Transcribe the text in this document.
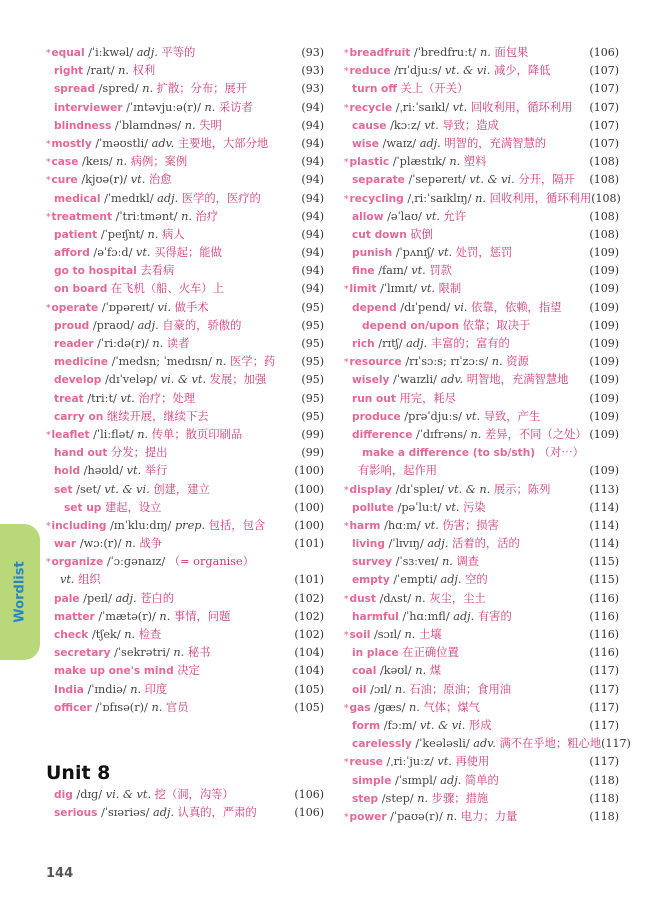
Wordlist
*equal /ˈiːkwəl/ adj. 平等的	(93)
right /raɪt/ n. 权利	(93)
spread /spred/ n. 扩散；分布；展开	(93)
interviewer /ˈɪntəvjuːə(r)/ n. 采访者	(94)
blindness /ˈblaɪndnəs/ n. 失明	(94)
*mostly /ˈməʊstli/ adv. 主要地，大部分地	(94)
*case /keɪs/ n. 病例；案例	(94)
*cure /kjʊə(r)/ vt. 治愈	(94)
medical /ˈmedɪkl/ adj. 医学的，医疗的	(94)
*treatment /ˈtriːtmənt/ n. 治疗	(94)
patient /ˈpeɪʃnt/ n. 病人	(94)
afford /əˈfɔːd/ vt. 买得起；能做	(94)
go to hospital 去看病	(94)
on board 在飞机（船、火车）上	(94)
*operate /ˈɒpəreɪt/ vi. 做手术	(95)
proud /praʊd/ adj. 自豪的，骄傲的	(95)
reader /ˈriːdə(r)/ n. 读者	(95)
medicine /ˈmedsn; ˈmedɪsn/ n. 医学；药 (95)
develop /dɪˈveləp/ vi. & vt. 发展；加强	(95)
treat /triːt/ vt. 治疗；处理	(95)
carry on 继续开展，继续下去	(95)
*leaflet /ˈliːflət/ n. 传单；散页印刷品	(99)
hand out 分发；提出	(99)
hold /həʊld/ vt. 举行	(100)
set /set/ vt. & vi. 创建，建立	(100)
set up 建起，设立	(100)
*including /ɪnˈkluːdɪŋ/ prep. 包括，包含	(100)
war /wɔː(r)/ n. 战争	(101)
*organize /ˈɔːɡənaɪz/ （= organise）
vt. 组织	(101)
pale /peɪl/ adj. 苍白的	(102)
matter /ˈmætə(r)/ n. 事情，问题	(102)
check /tʃek/ n. 检查	(102)
secretary /ˈsekrətri/ n. 秘书	(104)
make up one's mind 决定	(104)
India /ˈɪndiə/ n. 印度	(105)
officer /ˈɒfɪsə(r)/ n. 官员	(105)
Unit 8
dig /dɪɡ/ vi. & vt. 挖（洞，沟等）	(106)
serious /ˈsɪəriəs/ adj. 认真的，严肃的	(106)
*breadfruit /ˈbredfruːt/ n. 面包果	(106)
*reduce /rɪˈdjuːs/ vt. & vi. 减少，降低	(107)
turn off 关上（开关）	(107)
*recycle /ˌriːˈsaɪkl/ vt. 回收利用，循环利用 (107)
cause /kɔːz/ vt. 导致；造成	(107)
wise /waɪz/ adj. 明智的，充满智慧的	(107)
*plastic /ˈplæstɪk/ n. 塑料	(108)
separate /ˈsepəreɪt/ vt. & vi. 分开，隔开 (108)
*recycling /ˌriːˈsaɪklɪŋ/ n. 回收利用，循环利用 (108)
allow /əˈlaʊ/ vt. 允许	(108)
cut down 砍倒	(108)
punish /ˈpʌnɪʃ/ vt. 处罚，惩罚	(109)
fine /faɪn/ vt. 罚款	(109)
*limit /ˈlɪmɪt/ vt. 限制	(109)
depend /dɪˈpend/ vi. 依靠，依赖，指望	(109)
depend on/upon 依靠；取决于	(109)
rich /rɪtʃ/ adj. 丰富的；富有的	(109)
*resource /rɪˈsɔːs; rɪˈzɔːs/ n. 资源	(109)
wisely /ˈwaɪzli/ adv. 明智地，充满智慧地 (109)
run out 用完，耗尽	(109)
produce /prəˈdjuːs/ vt. 导致，产生	(109)
difference /ˈdɪfrəns/ n. 差异，不同（之处） (109)
make a difference (to sb/sth) （对⋯）
有影响，起作用	(109)
*display /dɪˈspleɪ/ vt. & n. 展示；陈列	(113)
pollute /pəˈluːt/ vt. 污染	(114)
*harm /hɑːm/ vt. 伤害；损害	(114)
living /ˈlɪvɪŋ/ adj. 活着的，活的	(114)
survey /ˈsɜːveɪ/ n. 调查	(115)
empty /ˈempti/ adj. 空的	(115)
*dust /dʌst/ n. 灰尘，尘土	(116)
harmful /ˈhɑːmfl/ adj. 有害的	(116)
*soil /sɔɪl/ n. 土壤	(116)
in place 在正确位置	(116)
coal /kəʊl/ n. 煤	(117)
oil /ɔɪl/ n. 石油；原油；食用油	(117)
*gas /ɡæs/ n. 气体；煤气	(117)
form /fɔːm/ vt. & vi. 形成	(117)
carelessly /ˈkeələsli/ adv. 满不在乎地；粗心地 (117)
*reuse /ˌriːˈjuːz/ vt. 再使用	(117)
simple /ˈsɪmpl/ adj. 简单的	(118)
step /step/ n. 步骤；措施	(118)
*power /ˈpaʊə(r)/ n. 电力；力量	(118)
144
